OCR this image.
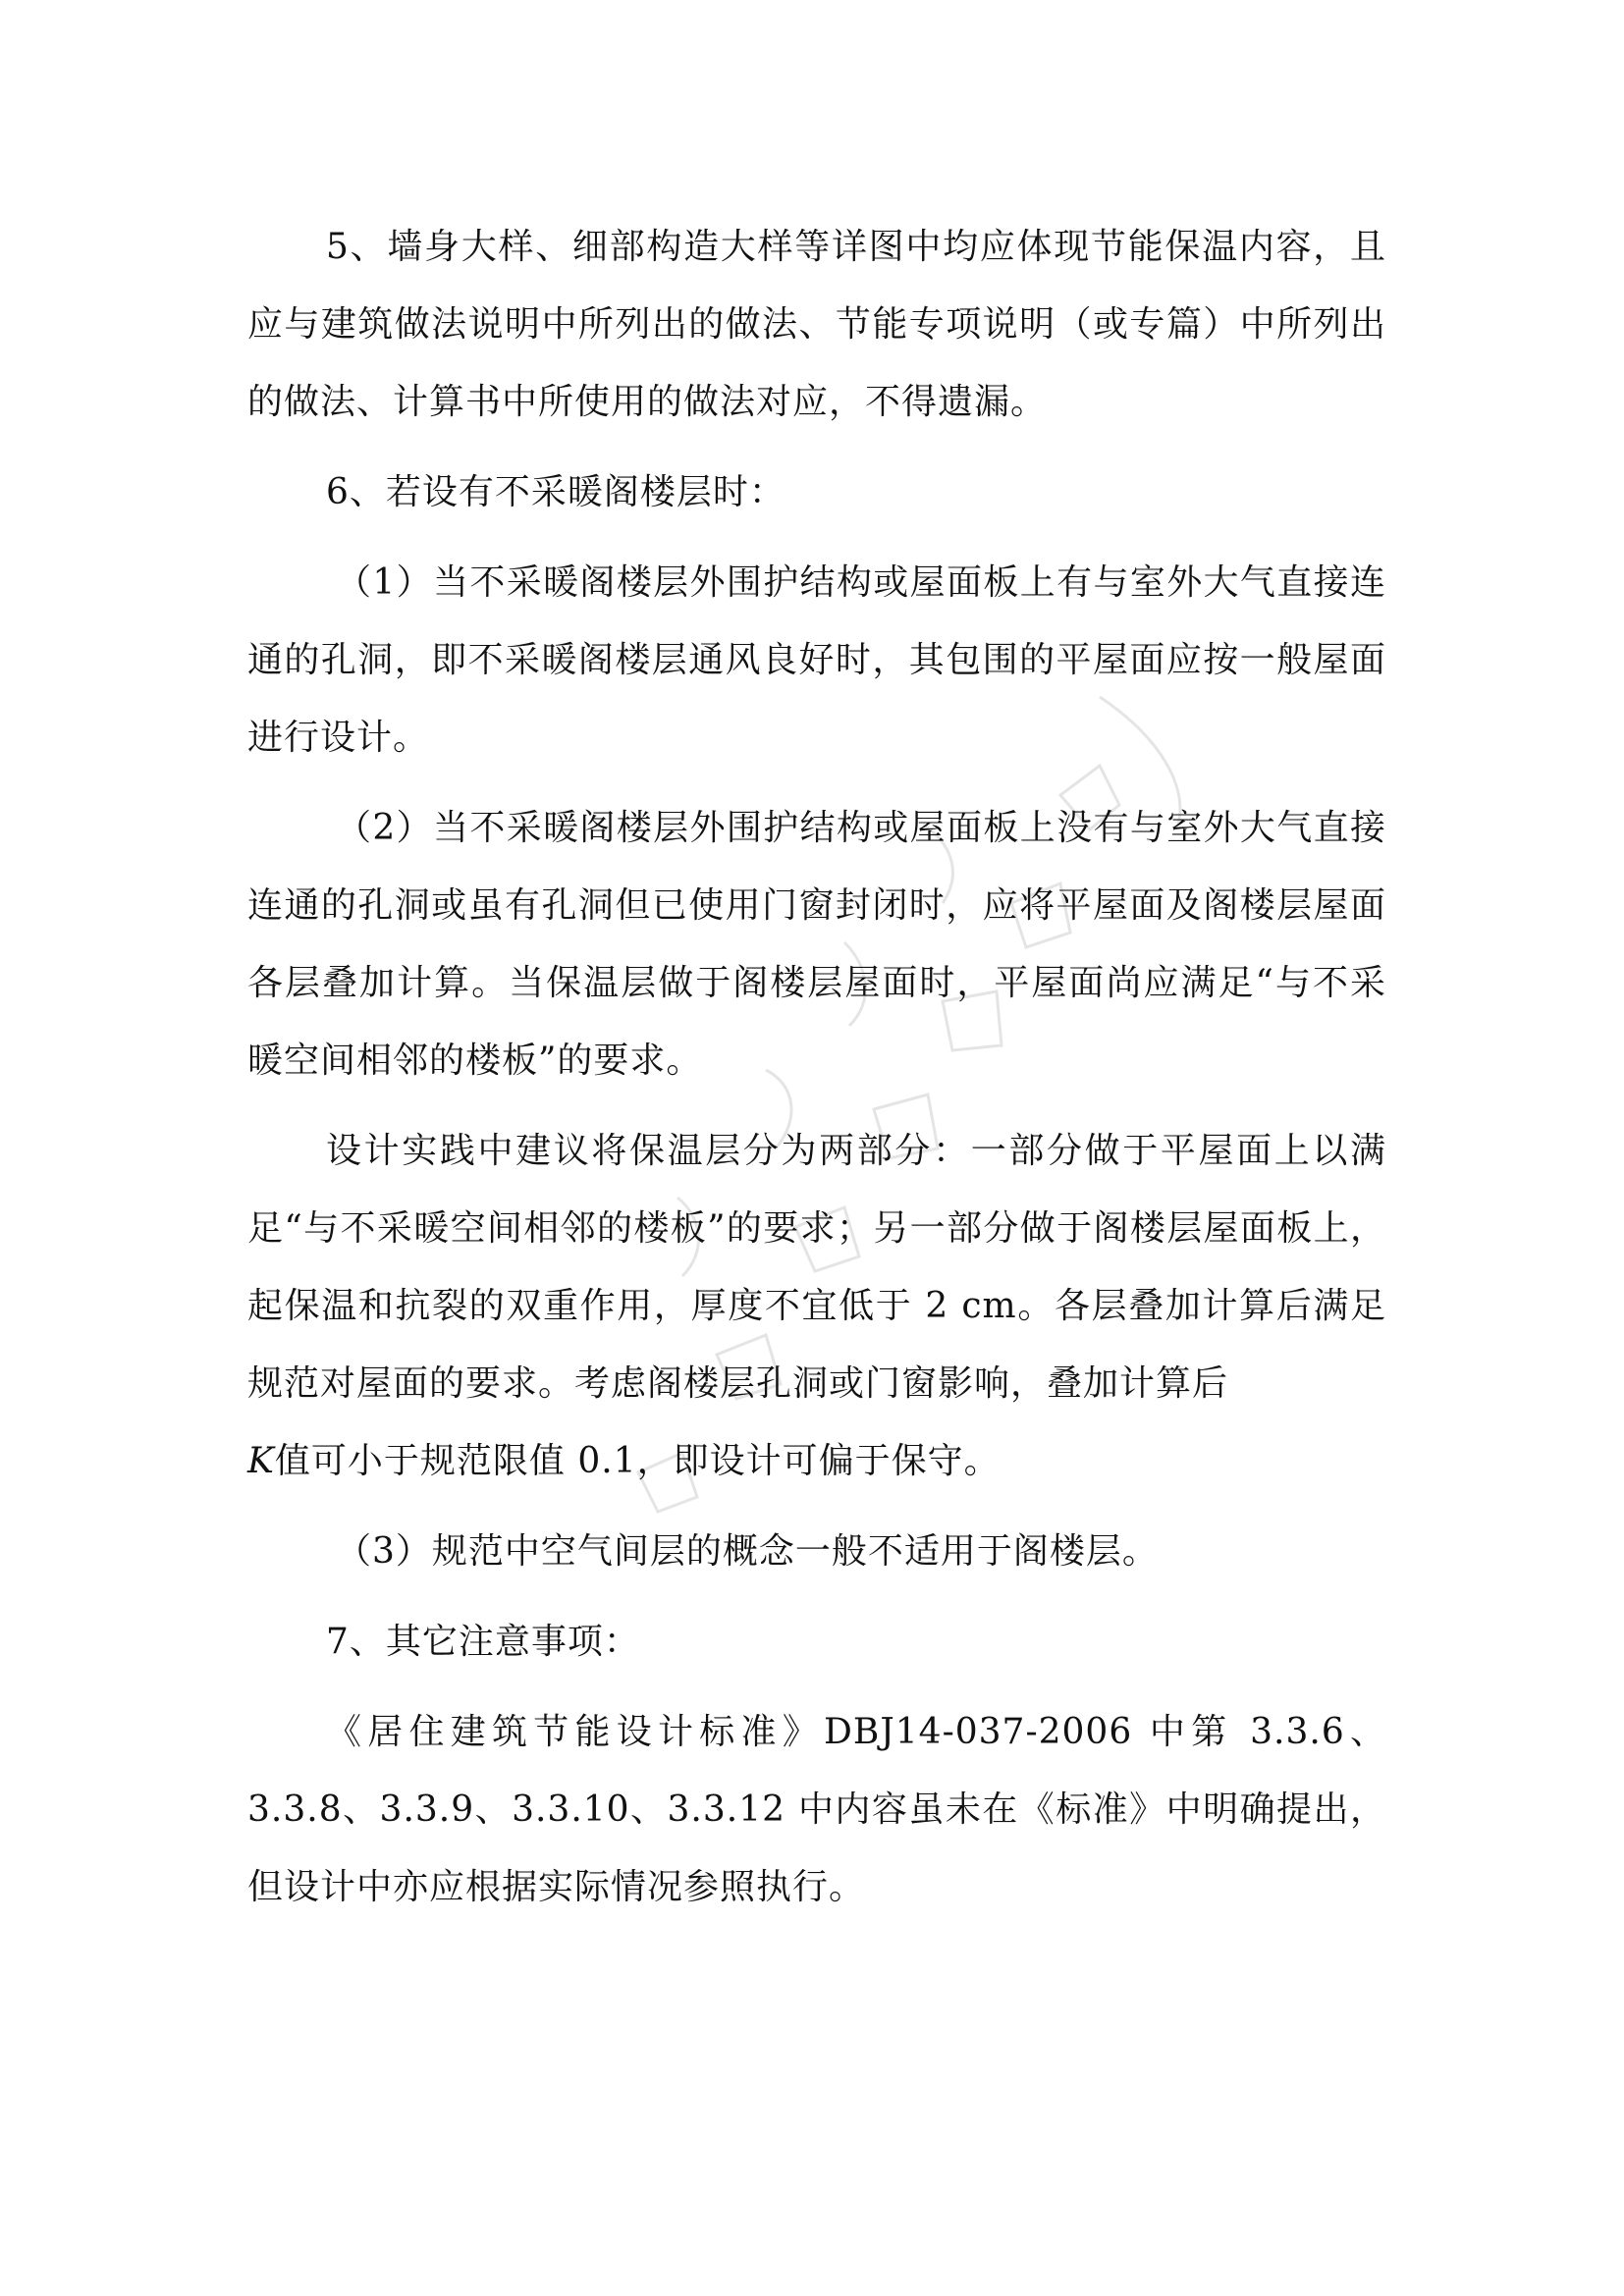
5、墙身大样、细部构造大样等详图中均应体现节能保温内容，且应与建筑做法说明中所列出的做法、节能专项说明（或专篇）中所列出的做法、计算书中所使用的做法对应，不得遗漏。

6、若设有不采暖阁楼层时：

（1）当不采暖阁楼层外围护结构或屋面板上有与室外大气直接连通的孔洞，即不采暖阁楼层通风良好时，其包围的平屋面应按一般屋面进行设计。

（2）当不采暖阁楼层外围护结构或屋面板上没有与室外大气直接连通的孔洞或虽有孔洞但已使用门窗封闭时，应将平屋面及阁楼层屋面各层叠加计算。当保温层做于阁楼层屋面时，平屋面尚应满足“与不采暖空间相邻的楼板”的要求。

设计实践中建议将保温层分为两部分：一部分做于平屋面上以满足“与不采暖空间相邻的楼板”的要求；另一部分做于阁楼层屋面板上，起保温和抗裂的双重作用，厚度不宜低于 2 cm。各层叠加计算后满足规范对屋面的要求。考虑阁楼层孔洞或门窗影响，叠加计算后
K值可小于规范限值 0.1，即设计可偏于保守。

（3）规范中空气间层的概念一般不适用于阁楼层。

7、其它注意事项：

《居住建筑节能设计标准》DBJ14-037-2006 中第 3.3.6、3.3.8、3.3.9、3.3.10、3.3.12 中内容虽未在《标准》中明确提出，但设计中亦应根据实际情况参照执行。
